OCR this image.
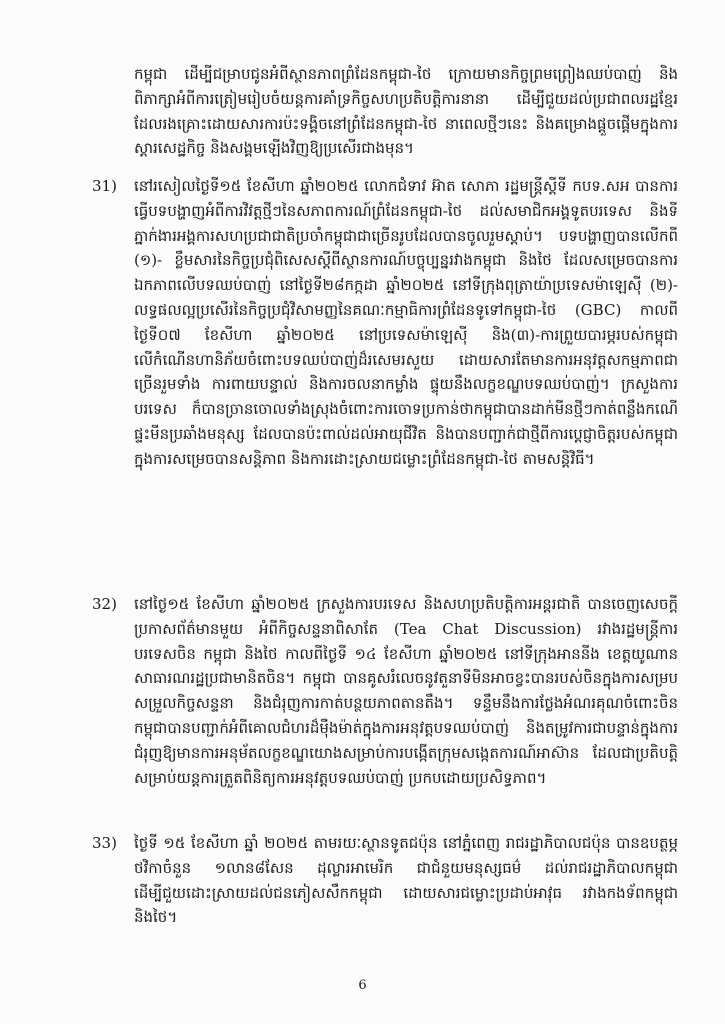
កម្ពុជា ដើម្បីជម្រាបជូនអំពីស្ថានភាពព្រំដែនកម្ពុជា-ថៃ ក្រោយមានកិច្ចព្រមព្រៀងឈប់បាញ់ និងពិភាក្សាអំពីការត្រៀមរៀបចំយន្តការគាំទ្រកិច្ចសហប្រតិបត្តិការនានា ដើម្បីជួយដល់ប្រជាពលរដ្ឋខ្មែរ ដែលរងគ្រោះដោយសារការប៉ះទង្គិចនៅព្រំដែនកម្ពុជា-ថៃ នាពេលថ្មីៗនេះ និងគម្រោងផ្តួចផ្តើមក្នុងការស្តារសេដ្ឋកិច្ច និងសង្គមឡើងវិញឱ្យប្រសើរជាងមុន។
31) នៅរសៀលថ្ងៃទី១៥ ខែសីហា ឆ្នាំ២០២៥ លោកជំទាវ អ៊ាត សោភា រដ្ឋមន្ត្រីស្តីទី កបទ.សអ បានការធ្វើបទបង្ហាញអំពីការវិវត្តថ្មីៗនៃសភាពការណ៍ព្រំដែនកម្ពុជា-ថៃ ដល់សមាជិកអង្គទូតបរទេស និងទីភ្នាក់ងារអង្គការសហប្រជាជាតិប្រចាំកម្ពុជាជាច្រើនរូបដែលបានចូលរួមស្តាប់។ បទបង្ហាញបានលើកពី (១)- ខ្លឹមសារនៃកិច្ចប្រជុំពិសេសស្តីពីស្ថានការណ៍បច្ចុប្បន្នរវាងកម្ពុជា និងថៃ ដែលសម្រេចបានការឯកភាពលើបទឈប់បាញ់ នៅថ្ងៃទី២៨កក្កដា ឆ្នាំ២០២៥ នៅទីក្រុងពុត្រាយ៉ាប្រទេសម៉ាឡេស៊ី (២)-លទ្ធផលល្អប្រសើរនៃកិច្ចប្រជុំវិសាមញ្ញនៃគណៈកម្មាធិការព្រំដែនទូទៅកម្ពុជា-ថៃ (GBC) កាលពីថ្ងៃទី០៧ ខែសីហា ឆ្នាំ២០២៥ នៅប្រទេសម៉ាឡេស៊ី និង(៣)-ការព្រួយបារម្ភរបស់កម្ពុជាលើកំណើនហានិភ័យចំពោះបទឈប់បាញ់ដ៏រសេមរសួយ ដោយសារតែមានការអនុវត្តសកម្មភាពជាច្រើនរួមទាំង ការពាយបន្ទាល់ និងការចលនាកម្លាំង ផ្ទុយនឹងលក្ខខណ្ឌបទឈប់បាញ់។ ក្រសួងការបរទេស ក៏បានច្រានចោលទាំងស្រុងចំពោះការចោទប្រកាន់ថាកម្ពុជាបានដាក់មីនថ្មីៗកាត់ពន្លឹងកណើផ្ទះមីនប្រឆាំងមនុស្ស ដែលបានប៉ះពាល់ដល់អាយុជីវិត និងបានបញ្ជាក់ជាថ្មីពីការប្តេជ្ញាចិត្តរបស់កម្ពុជាក្នុងការសម្រេចបានសន្តិភាព និងការដោះស្រាយជម្លោះព្រំដែនកម្ពុជា-ថៃ តាមសន្តិវិធី។
32) នៅថ្ងៃ១៥ ខែសីហា ឆ្នាំ២០២៥ ក្រសួងការបរទេស និងសហប្រតិបត្តិការអន្តរជាតិ បានចេញសេចក្តីប្រកាសព័ត៌មានមួយ អំពីកិច្ចសន្ទនាពិសាតែ (Tea Chat Discussion) រវាងរដ្ឋមន្ត្រីការបរទេសចិន កម្ពុជា និងថៃ កាលពីថ្ងៃទី ១៤ ខែសីហា ឆ្នាំ២០២៥ នៅទីក្រុងអាននីង ខេត្តយូណាន សាធារណរដ្ឋប្រជាមានិតចិន។ កម្ពុជា បានគូសរំលេចនូវតួនាទីមិនអាចខ្វះបានរបស់ចិនក្នុងការសម្របសម្រួលកិច្ចសន្ទនា និងជំរុញការកាត់បន្ថយភាពតានតឹង។ ទន្ទឹមនឹងការថ្លែងអំណរគុណចំពោះចិន កម្ពុជាបានបញ្ជាក់អំពីគោលជំហរដ៏មុឺងម៉ាត់ក្នុងការអនុវត្តបទឈប់បាញ់ និងតម្រូវការជាបន្ទាន់ក្នុងការជំរុញឱ្យមានការអនុម័តលក្ខខណ្ឌយោងសម្រាប់ការបង្កើតក្រុមសង្កេតការណ៍អាស៊ាន ដែលជាប្រតិបត្តិសម្រាប់យន្តការត្រួតពិនិត្យការអនុវត្តបទឈប់បាញ់ ប្រកបដោយប្រសិទ្ធភាព។
33) ថ្ងៃទី ១៥ ខែសីហា ឆ្នាំ ២០២៥ តាមរយៈស្ថានទូតជប៉ុន នៅភ្នំពេញ រាជរដ្ឋាភិបាលជប៉ុន បានឧបត្ថម្ភ ថវិកាចំនួន ១លាន៨សែន ដុល្លារអាមេរិក ជាជំនួយមនុស្សធម៌ ដល់រាជរដ្ឋាភិបាលកម្ពុជា ដើម្បីជួយដោះស្រាយដល់ជនភៀសសឹកកម្ពុជា ដោយសារជម្លោះប្រដាប់អាវុធ រវាងកងទ័ពកម្ពុជា និងថៃ។
6
